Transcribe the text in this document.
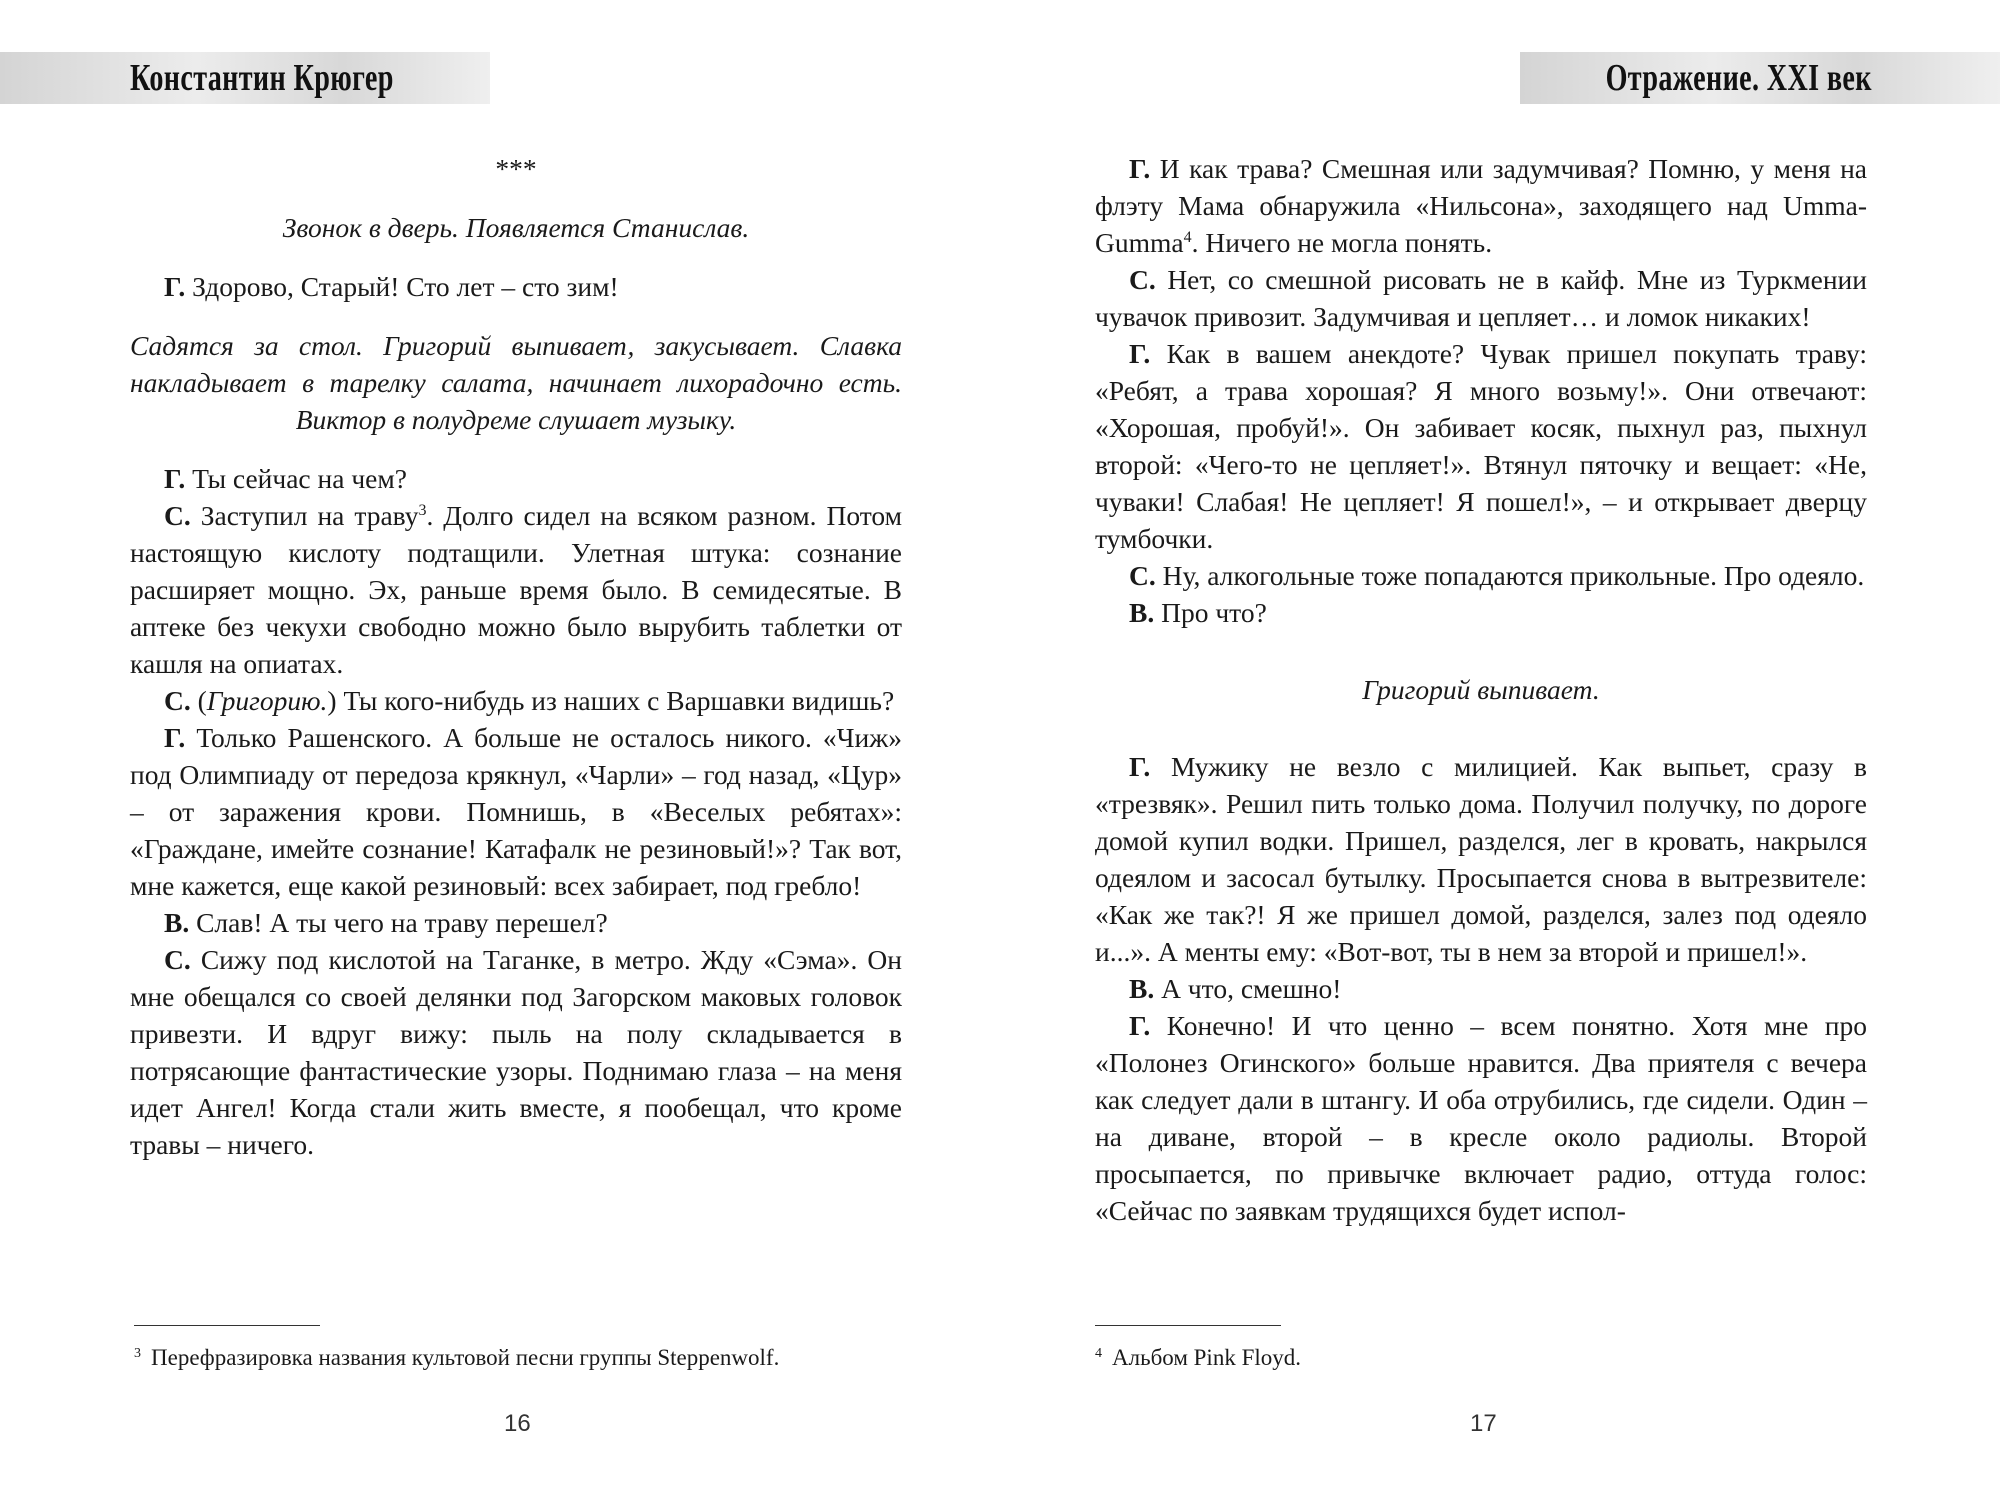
Константин Крюгер

***

Звонок в дверь. Появляется Станислав.

Г. Здорово, Старый! Сто лет – сто зим!

Садятся за стол. Григорий выпивает, закусывает. Славка накладывает в тарелку салата, начинает лихорадочно есть. Виктор в полудреме слушает музыку.

Г. Ты сейчас на чем?

С. Заступил на траву$^3$. Долго сидел на всяком разном. Потом настоящую кислоту подтащили. Улетная штука: сознание расширяет мощно. Эх, раньше время было. В семидесятые. В аптеке без чекухи свободно можно было вырубить таблетки от кашля на опиатах.

С. (Григорию.) Ты кого-нибудь из наших с Варшавки видишь?

Г. Только Рашенского. А больше не осталось никого. «Чиж» под Олимпиаду от передоза крякнул, «Чарли» – год назад, «Цур» – от заражения крови. Помнишь, в «Веселых ребятах»: «Граждане, имейте сознание! Катафалк не резиновый!»? Так вот, мне кажется, еще какой резиновый: всех забирает, под гребло!

В. Слав! А ты чего на траву перешел?

С. Сижу под кислотой на Таганке, в метро. Жду «Сэма». Он мне обещался со своей делянки под Загорском маковых головок привезти. И вдруг вижу: пыль на полу складывается в потрясающие фантастические узоры. Поднимаю глаза – на меня идет Ангел! Когда стали жить вместе, я пообещал, что кроме травы – ничего.

$^3$ Перефразировка названия культовой песни группы Steppenwolf.
16
Отражение. XXI век

Г. И как трава? Смешная или задумчивая? Помню, у меня на флэту Мама обнаружила «Нильсона», заходящего над Umma-Gumma$^4$. Ничего не могла понять.

С. Нет, со смешной рисовать не в кайф. Мне из Туркмении чувачок привозит. Задумчивая и цепляет… и ломок никаких!

Г. Как в вашем анекдоте? Чувак пришел покупать траву: «Ребят, а трава хорошая? Я много возьму!». Они отвечают: «Хорошая, пробуй!». Он забивает косяк, пыхнул раз, пыхнул второй: «Чего-то не цепляет!». Втянул пяточку и вещает: «Не, чуваки! Слабая! Не цепляет! Я пошел!», – и открывает дверцу тумбочки.

С. Ну, алкогольные тоже попадаются прикольные. Про одеяло.

В. Про что?

Григорий выпивает.

Г. Мужику не везло с милицией. Как выпьет, сразу в «трезвяк». Решил пить только дома. Получил получку, по дороге домой купил водки. Пришел, разделся, лег в кровать, накрылся одеялом и засосал бутылку. Просыпается снова в вытрезвителе: «Как же так?! Я же пришел домой, разделся, залез под одеяло и...». А менты ему: «Вот-вот, ты в нем за второй и пришел!».

В. А что, смешно!

Г. Конечно! И что ценно – всем понятно. Хотя мне про «Полонез Огинского» больше нравится. Два приятеля с вечера как следует дали в штангу. И оба отрубились, где сидели. Один – на диване, второй – в кресле около радиолы. Второй просыпается, по привычке включает радио, оттуда голос: «Сейчас по заявкам трудящихся будет испол-

$^4$ Альбом Pink Floyd.
17
